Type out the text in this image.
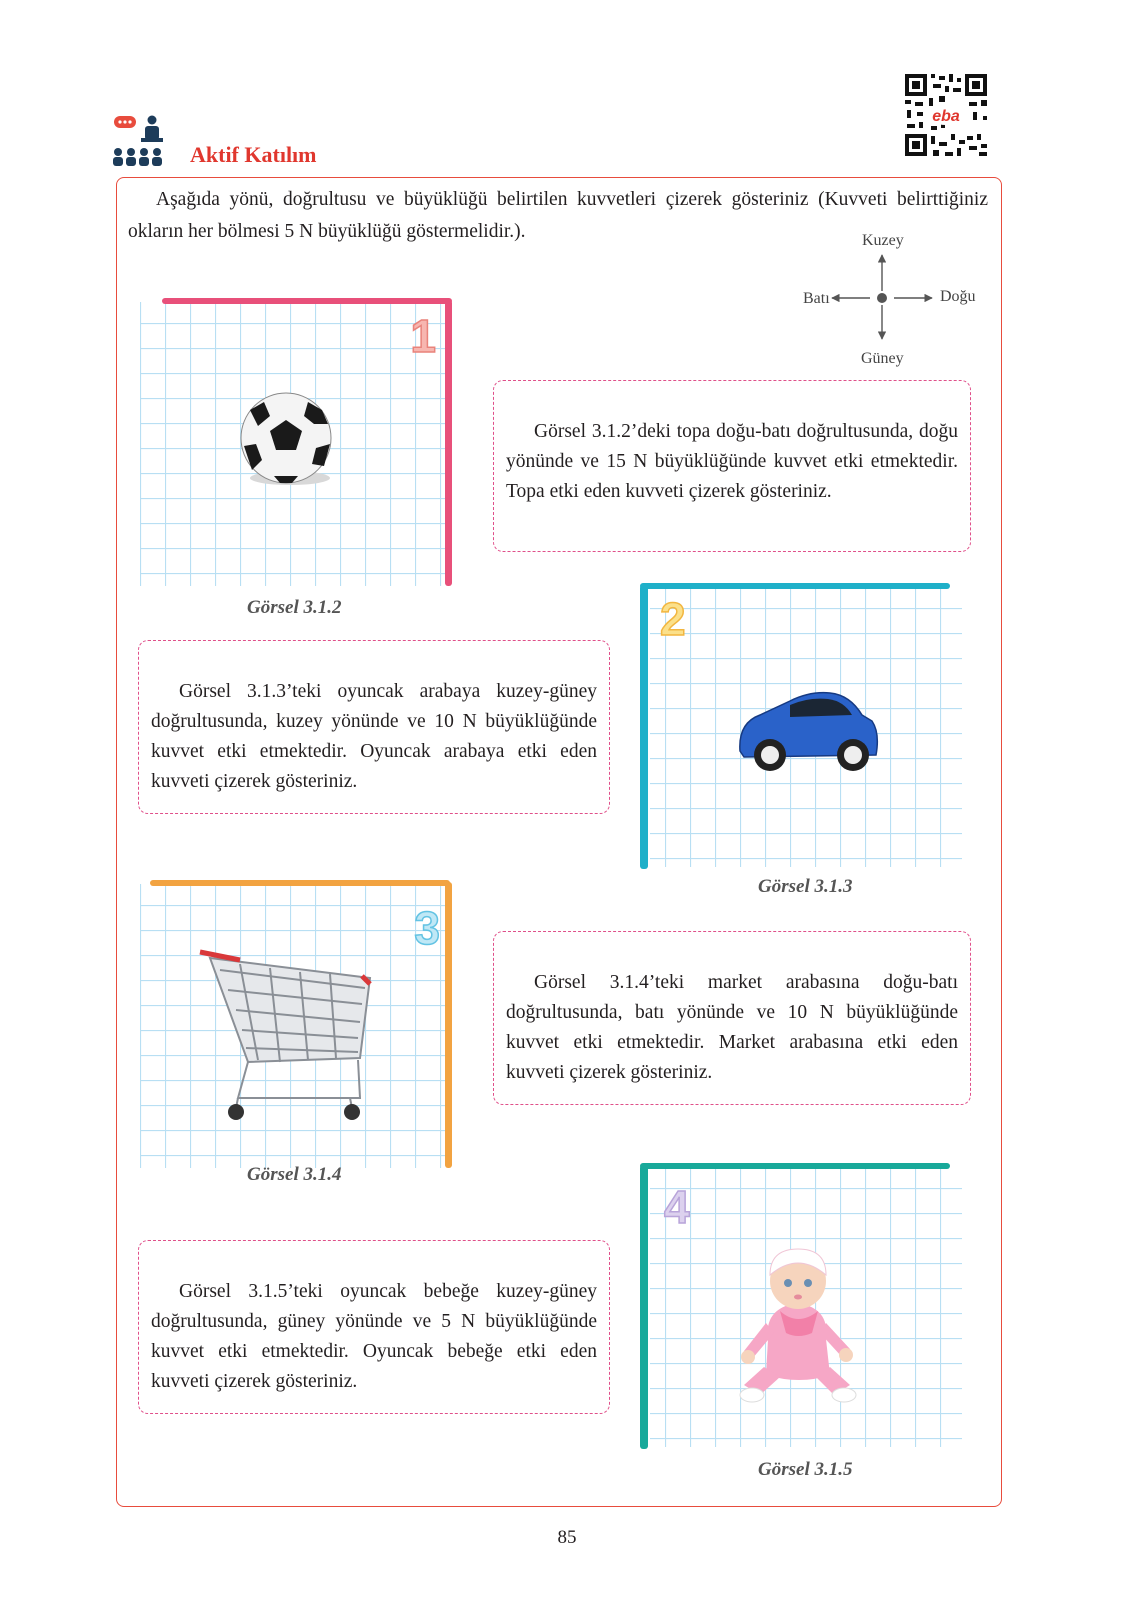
Aktif Katılım
eba

Aşağıda yönü, doğrultusu ve büyüklüğü belirtilen kuvvetleri çizerek gösteriniz (Kuvveti belirttiğiniz okların her bölmesi 5 N büyüklüğü göstermelidir.).	Kuzey
Güney
Doğu
Batı
1
Görsel 3.1.2

Görsel 3.1.2’deki topa doğu-batı doğrultusunda, doğu yönünde ve 15 N büyüklüğünde kuvvet etki etmektedir. Topa etki eden kuvveti çizerek gösteriniz.

2
Görsel 3.1.3

Görsel 3.1.3’teki oyuncak arabaya kuzey-güney doğrultusunda, kuzey yönünde ve 10 N büyüklüğünde kuvvet etki etmektedir. Oyuncak arabaya etki eden kuvveti çizerek gösteriniz.

3
Görsel 3.1.4

Görsel 3.1.4’teki market arabasına doğu-batı doğrultusunda, batı yönünde ve 10 N büyüklüğünde kuvvet etki etmektedir. Market arabasına etki eden kuvveti çizerek gösteriniz.

4
Görsel 3.1.5

Görsel 3.1.5’teki oyuncak bebeğe kuzey-güney doğrultusunda, güney yönünde ve 5 N büyüklüğünde kuvvet etki etmektedir. Oyuncak bebeğe etki eden kuvveti çizerek gösteriniz.

85
